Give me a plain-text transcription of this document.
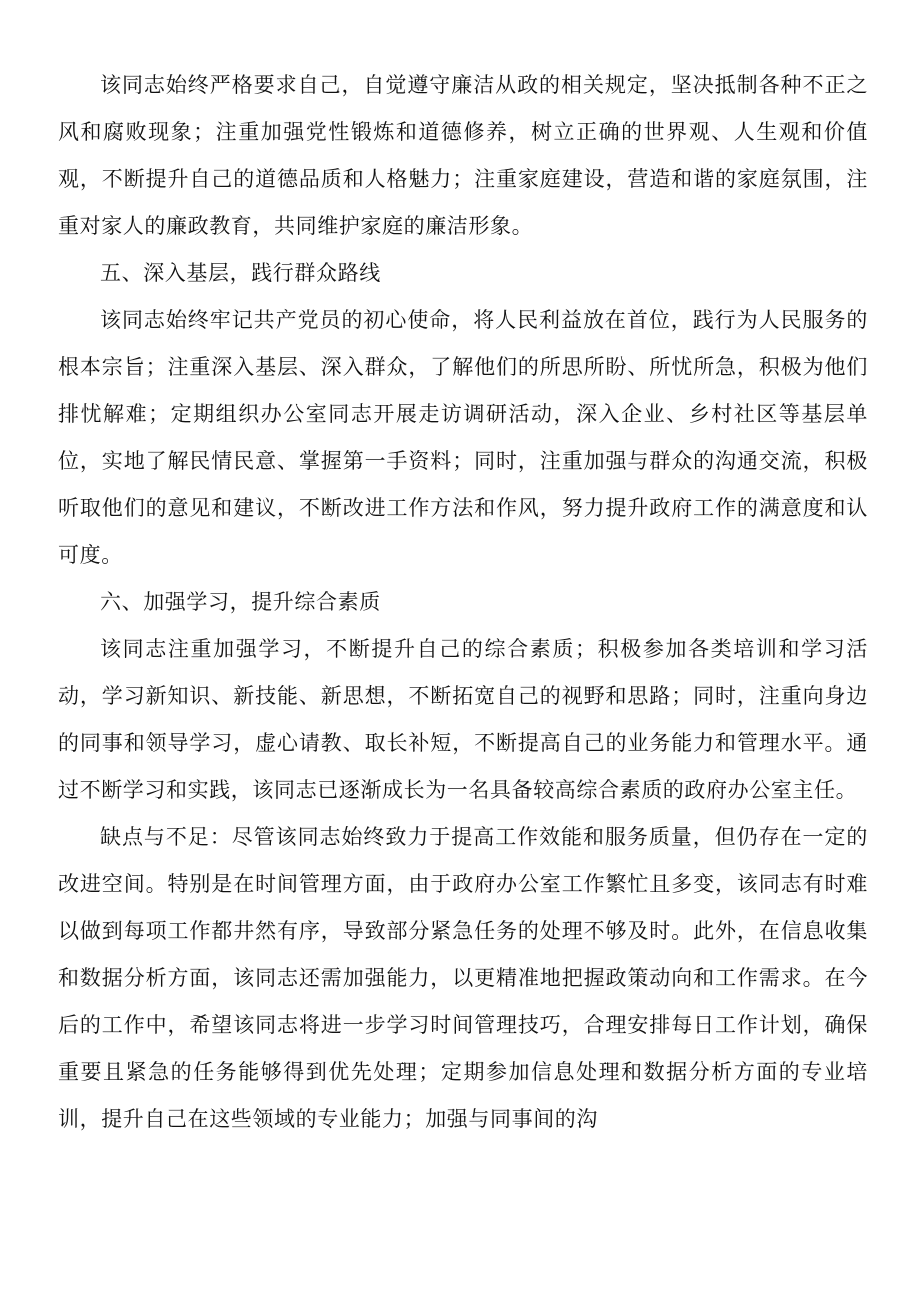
该同志始终严格要求自己，自觉遵守廉洁从政的相关规定，坚决抵制各种不正之风和腐败现象；注重加强党性锻炼和道德修养，树立正确的世界观、人生观和价值观，不断提升自己的道德品质和人格魅力；注重家庭建设，营造和谐的家庭氛围，注重对家人的廉政教育，共同维护家庭的廉洁形象。

五、深入基层，践行群众路线

该同志始终牢记共产党员的初心使命，将人民利益放在首位，践行为人民服务的根本宗旨；注重深入基层、深入群众，了解他们的所思所盼、所忧所急，积极为他们排忧解难；定期组织办公室同志开展走访调研活动，深入企业、乡村社区等基层单位，实地了解民情民意、掌握第一手资料；同时，注重加强与群众的沟通交流，积极听取他们的意见和建议，不断改进工作方法和作风，努力提升政府工作的满意度和认可度。

六、加强学习，提升综合素质

该同志注重加强学习，不断提升自己的综合素质；积极参加各类培训和学习活动，学习新知识、新技能、新思想，不断拓宽自己的视野和思路；同时，注重向身边的同事和领导学习，虚心请教、取长补短，不断提高自己的业务能力和管理水平。通过不断学习和实践，该同志已逐渐成长为一名具备较高综合素质的政府办公室主任。

缺点与不足：尽管该同志始终致力于提高工作效能和服务质量，但仍存在一定的改进空间。特别是在时间管理方面，由于政府办公室工作繁忙且多变，该同志有时难以做到每项工作都井然有序，导致部分紧急任务的处理不够及时。此外，在信息收集和数据分析方面，该同志还需加强能力，以更精准地把握政策动向和工作需求。在今后的工作中，希望该同志将进一步学习时间管理技巧，合理安排每日工作计划，确保重要且紧急的任务能够得到优先处理；定期参加信息处理和数据分析方面的专业培训，提升自己在这些领域的专业能力；加强与同事间的沟
